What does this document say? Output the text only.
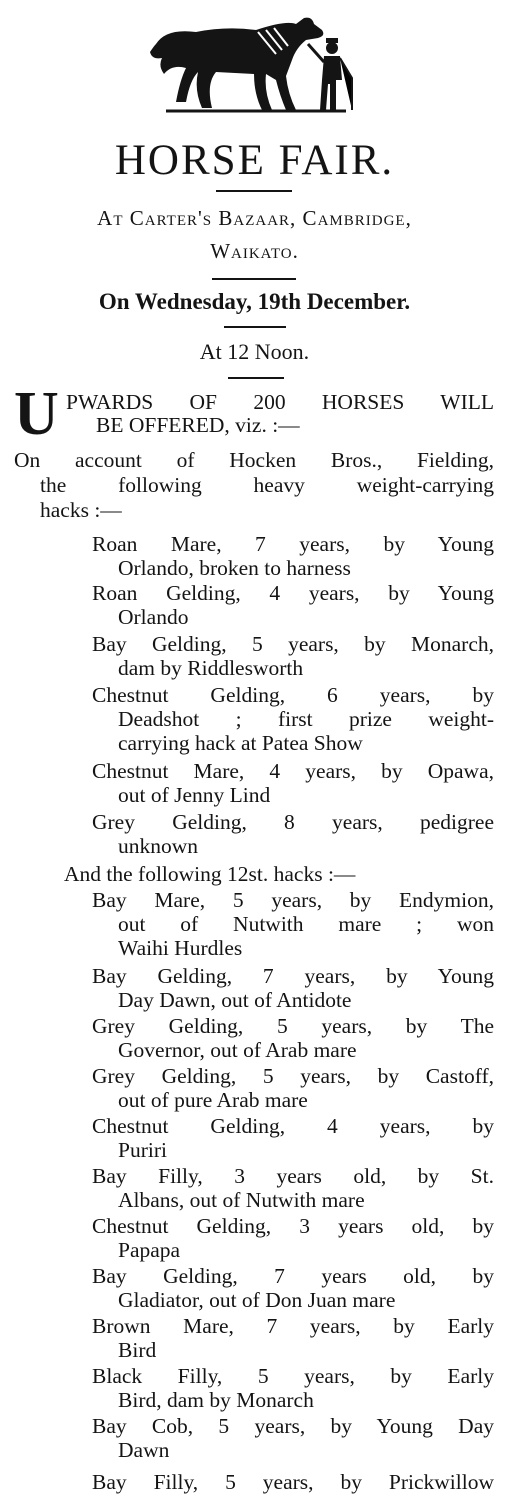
HORSE FAIR.
At Carter's Bazaar, Cambridge,
Waikato.
On Wednesday, 19th December.
At 12 Noon.
U PWARDS OF 200 HORSES WILL
BE OFFERED, viz. :—
On account of Hocken Bros., Fielding,
the following heavy weight-carrying
hacks :—
Roan Mare, 7 years, by Young
Orlando, broken to harness
Roan Gelding, 4 years, by Young
Orlando
Bay Gelding, 5 years, by Monarch,
dam by Riddlesworth
Chestnut Gelding, 6 years, by
Deadshot ; first prize weight-
carrying hack at Patea Show
Chestnut Mare, 4 years, by Opawa,
out of Jenny Lind
Grey Gelding, 8 years, pedigree
unknown
And the following 12st. hacks :—
Bay Mare, 5 years, by Endymion,
out of Nutwith mare ; won
Waihi Hurdles
Bay Gelding, 7 years, by Young
Day Dawn, out of Antidote
Grey Gelding, 5 years, by The
Governor, out of Arab mare
Grey Gelding, 5 years, by Castoff,
out of pure Arab mare
Chestnut Gelding, 4 years, by
Puriri
Bay Filly, 3 years old, by St.
Albans, out of Nutwith mare
Chestnut Gelding, 3 years old, by
Papapa
Bay Gelding, 7 years old, by
Gladiator, out of Don Juan mare
Brown Mare, 7 years, by Early
Bird
Black Filly, 5 years, by Early
Bird, dam by Monarch
Bay Cob, 5 years, by Young Day
Dawn
Bay Filly, 5 years, by Prickwillow
